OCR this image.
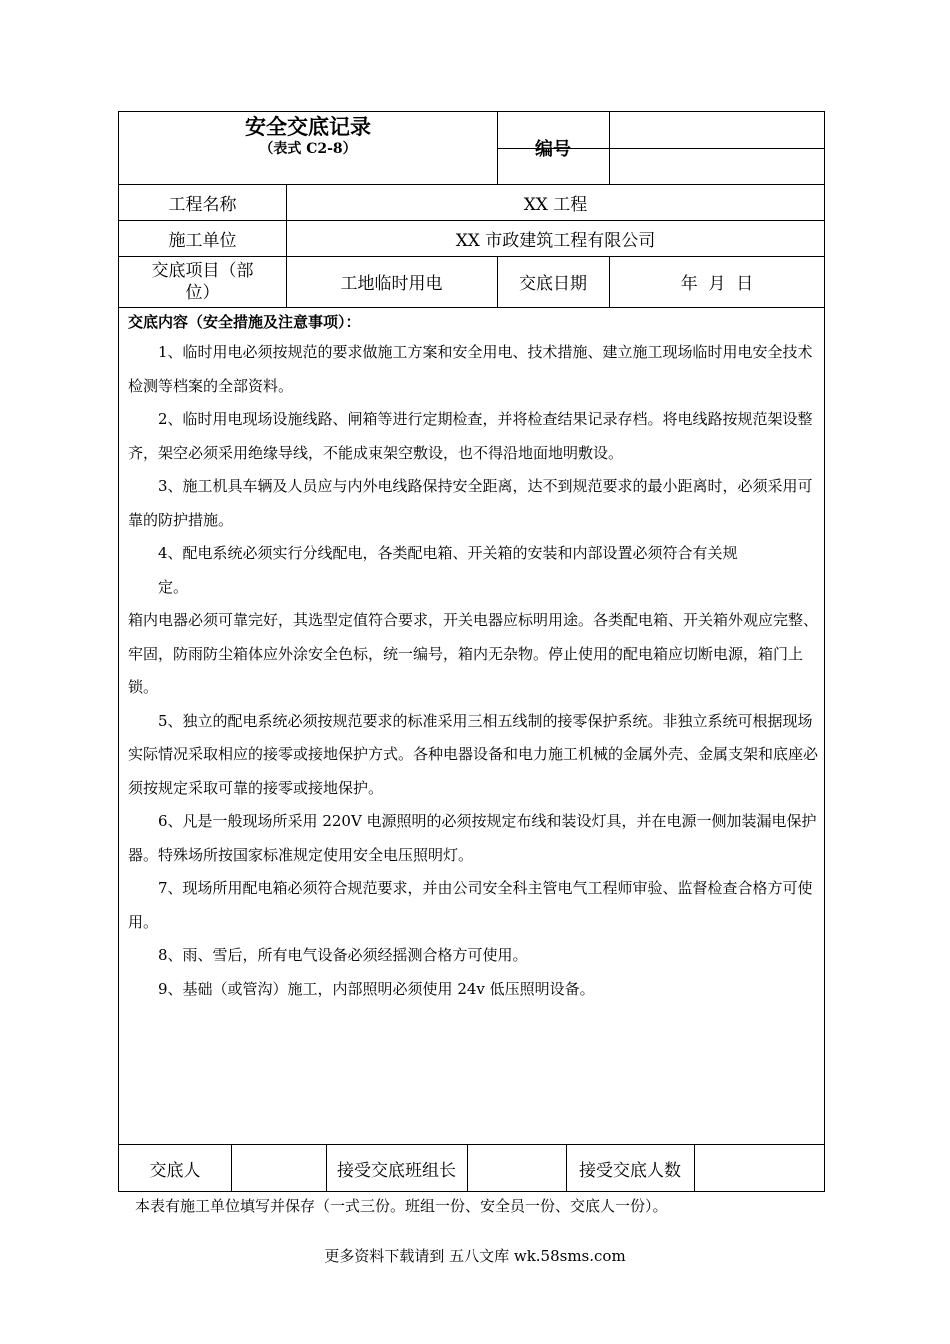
安全交底记录
（表式 C2-8）	编号
工程名称	XX 工程
施工单位	XX 市政建筑工程有限公司
交底项目（部位）	工地临时用电	交底日期	年  月  日
交底内容（安全措施及注意事项）：

1、临时用电必须按规范的要求做施工方案和安全用电、技术措施、建立施工现场临时用电安全技术检测等档案的全部资料。

2、临时用电现场设施线路、闸箱等进行定期检查，并将检查结果记录存档。将电线路按规范架设整齐，架空必须采用绝缘导线，不能成束架空敷设，也不得沿地面地明敷设。

3、施工机具车辆及人员应与内外电线路保持安全距离，达不到规范要求的最小距离时，必须采用可靠的防护措施。

4、配电系统必须实行分线配电，各类配电箱、开关箱的安装和内部设置必须符合有关规

定。

箱内电器必须可靠完好，其选型定值符合要求，开关电器应标明用途。各类配电箱、开关箱外观应完整、牢固，防雨防尘箱体应外涂安全色标，统一编号，箱内无杂物。停止使用的配电箱应切断电源，箱门上锁。

5、独立的配电系统必须按规范要求的标准采用三相五线制的接零保护系统。非独立系统可根据现场实际情况采取相应的接零或接地保护方式。各种电器设备和电力施工机械的金属外壳、金属支架和底座必须按规定采取可靠的接零或接地保护。

6、凡是一般现场所采用 220V 电源照明的必须按规定布线和装设灯具，并在电源一侧加装漏电保护器。特殊场所按国家标准规定使用安全电压照明灯。

7、现场所用配电箱必须符合规范要求，并由公司安全科主管电气工程师审验、监督检查合格方可使用。

8、雨、雪后，所有电气设备必须经摇测合格方可使用。

9、基础（或管沟）施工，内部照明必须使用 24v 低压照明设备。

交底人	接受交底班组长	接受交底人数
本表有施工单位填写并保存（一式三份。班组一份、安全员一份、交底人一份）。
更多资料下载请到 五八文库 wk.58sms.com
